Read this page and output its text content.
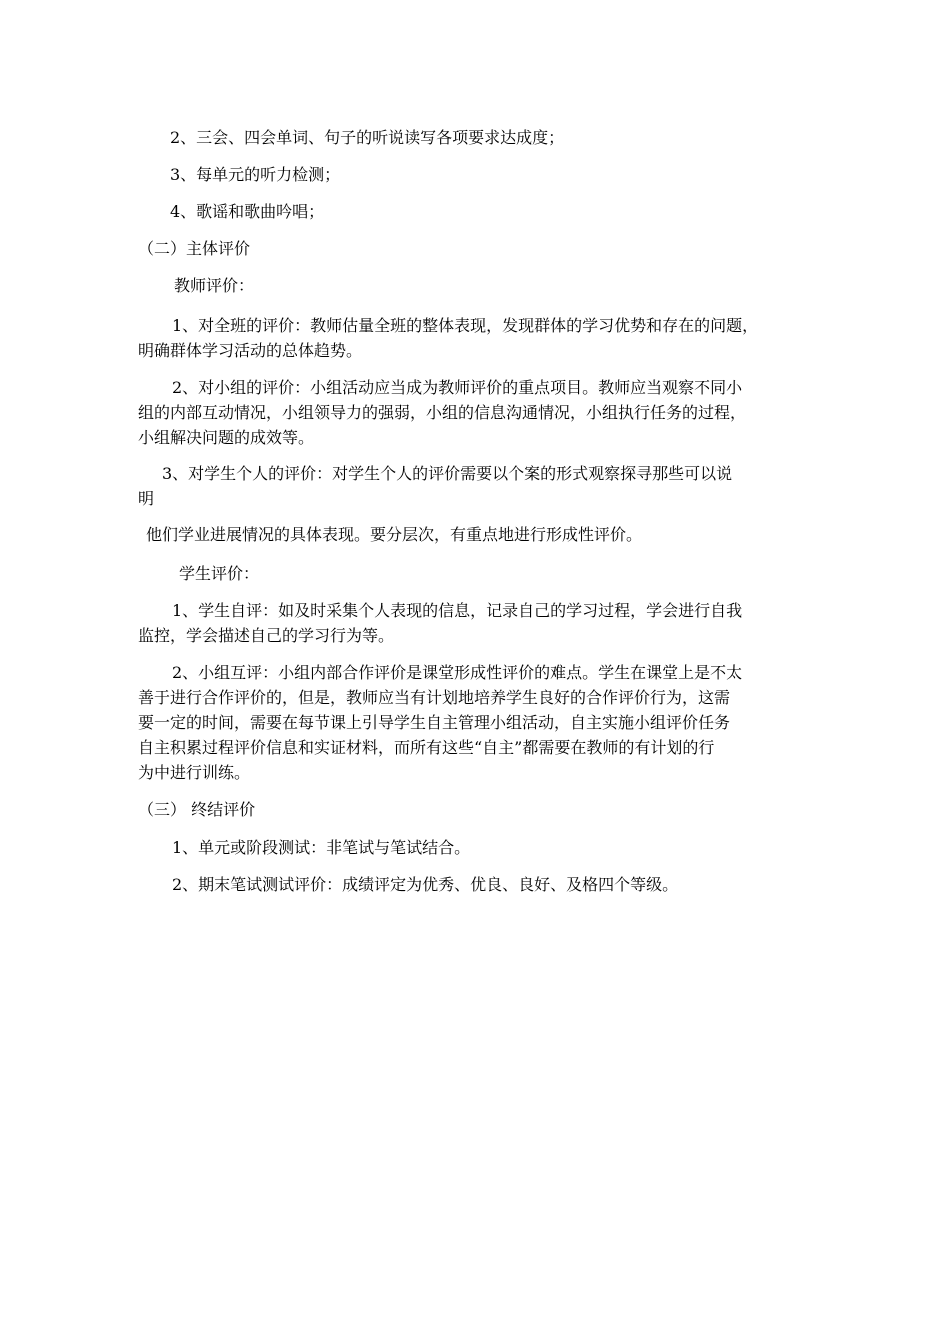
2、三会、四会单词、句子的听说读写各项要求达成度；
3、每单元的听力检测；
4、歌谣和歌曲吟唱；
（二）主体评价
教师评价：
1、对全班的评价：教师估量全班的整体表现，发现群体的学习优势和存在的问题，
明确群体学习活动的总体趋势。
2、对小组的评价：小组活动应当成为教师评价的重点项目。教师应当观察不同小
组的内部互动情况，小组领导力的强弱，小组的信息沟通情况，小组执行任务的过程，
小组解决问题的成效等。
3、对学生个人的评价：对学生个人的评价需要以个案的形式观察探寻那些可以说
明
他们学业进展情况的具体表现。要分层次，有重点地进行形成性评价。
学生评价：
1、学生自评：如及时采集个人表现的信息，记录自己的学习过程，学会进行自我
监控，学会描述自己的学习行为等。
2、小组互评：小组内部合作评价是课堂形成性评价的难点。学生在课堂上是不太
善于进行合作评价的，但是，教师应当有计划地培养学生良好的合作评价行为，这需
要一定的时间，需要在每节课上引导学生自主管理小组活动，自主实施小组评价任务
自主积累过程评价信息和实证材料，而所有这些“自主”都需要在教师的有计划的行
为中进行训练。
（三） 终结评价
1、单元或阶段测试：非笔试与笔试结合。
2、期末笔试测试评价：成绩评定为优秀、优良、良好、及格四个等级。
